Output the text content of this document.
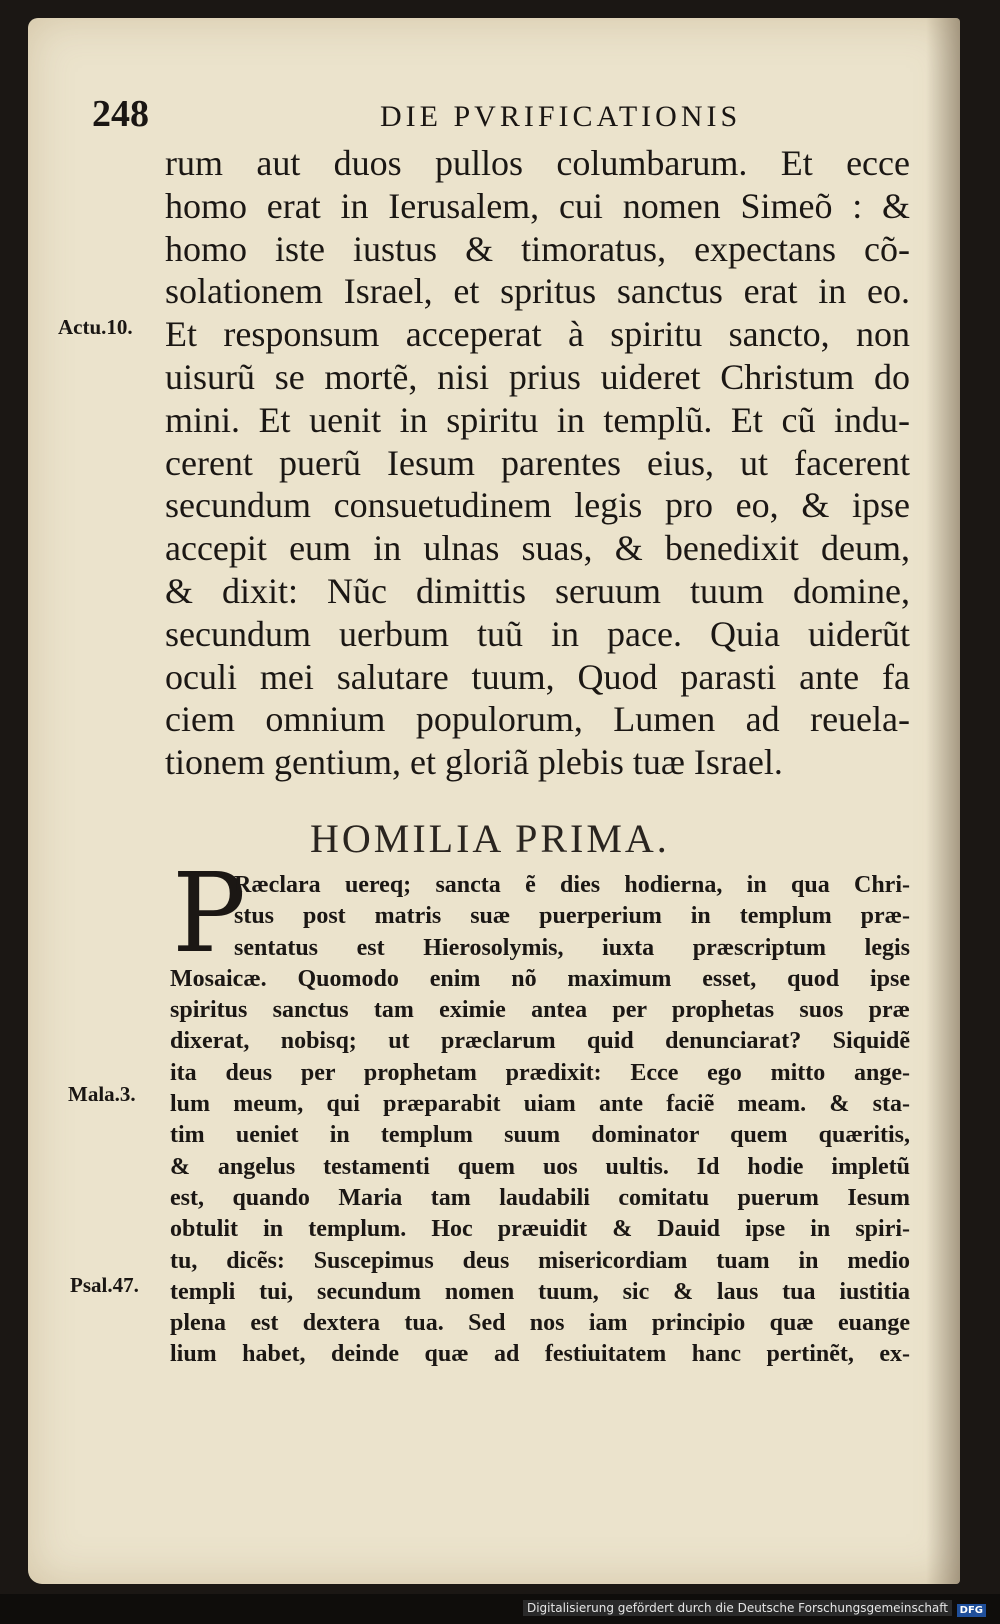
248	DIE PVRIFICATIONIS
rum aut duos pullos columbarum. Et ecce
homo erat in Ierusalem, cui nomen Simeõ : &
homo iste iustus & timoratus, expectans cõ-
solationem Israel, et spritus sanctus erat in eo.
Et responsum acceperat à spiritu sancto, non
uisurũ se mortẽ, nisi prius uideret Christum do
mini. Et uenit in spiritu in templũ. Et cũ indu-
cerent puerũ Iesum parentes eius, ut facerent
secundum consuetudinem legis pro eo, & ipse
accepit eum in ulnas suas, & benedixit deum,
& dixit: Nũc dimittis seruum tuum domine,
secundum uerbum tuũ in pace. Quia uiderũt
oculi mei salutare tuum, Quod parasti ante fa
ciem omnium populorum, Lumen ad reuela-
tionem gentium, et gloriã plebis tuæ Israel.
Actu.10.
HOMILIA PRIMA.
P
Ræclara uereq; sancta ẽ dies hodierna, in qua Chri-
stus post matris suæ puerperium in templum præ-
sentatus est Hierosolymis, iuxta præscriptum legis
Mosaicæ. Quomodo enim nõ maximum esset, quod ipse
spiritus sanctus tam eximie antea per prophetas suos præ
dixerat, nobisq; ut præclarum quid denunciarat? Siquidẽ
ita deus per prophetam prædixit: Ecce ego mitto ange-
lum meum, qui præparabit uiam ante faciẽ meam. & sta-
tim ueniet in templum suum dominator quem quæritis,
& angelus testamenti quem uos uultis. Id hodie impletũ
est, quando Maria tam laudabili comitatu puerum Iesum
obtulit in templum. Hoc præuidit & Dauid ipse in spiri-
tu, dicẽs: Suscepimus deus misericordiam tuam in medio
templi tui, secundum nomen tuum, sic & laus tua iustitia
plena est dextera tua. Sed nos iam principio quæ euange
lium habet, deinde quæ ad festiuitatem hanc pertinẽt, ex-
Mala.3.
Psal.47.
Digitalisierung gefördert durch die Deutsche Forschungsgemeinschaft	DFG
